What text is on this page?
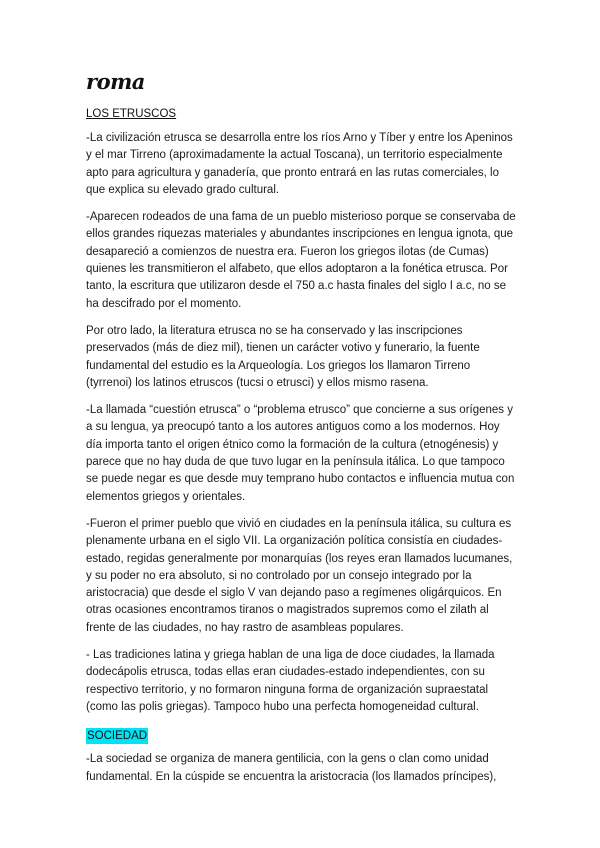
roma
LOS ETRUSCOS

-La civilización etrusca se desarrolla entre los ríos Arno y Tíber y entre los Apeninos y el mar Tirreno (aproximadamente la actual Toscana), un territorio especialmente apto para agricultura y ganadería, que pronto entrará en las rutas comerciales, lo que explica su elevado grado cultural.

-Aparecen rodeados de una fama de un pueblo misterioso porque se conservaba de ellos grandes riquezas materiales y abundantes inscripciones en lengua ignota, que desapareció a comienzos de nuestra era. Fueron los griegos ilotas (de Cumas) quienes les transmitieron el alfabeto, que ellos adoptaron a la fonética etrusca. Por tanto, la escritura que utilizaron desde el 750 a.c hasta finales del siglo I a.c, no se ha descifrado por el momento.

Por otro lado, la literatura etrusca no se ha conservado y las inscripciones preservados (más de diez mil), tienen un carácter votivo y funerario, la fuente fundamental del estudio es la Arqueología. Los griegos los llamaron Tirreno (tyrrenoi) los latinos etruscos (tucsi o etrusci) y ellos mismo rasena.

-La llamada “cuestión etrusca” o “problema etrusco” que concierne a sus orígenes y a su lengua, ya preocupó tanto a los autores antiguos como a los modernos. Hoy día importa tanto el origen étnico como la formación de la cultura (etnogénesis) y parece que no hay duda de que tuvo lugar en la península itálica. Lo que tampoco se puede negar es que desde muy temprano hubo contactos e influencia mutua con elementos griegos y orientales.

-Fueron el primer pueblo que vivió en ciudades en la península itálica, su cultura es plenamente urbana en el siglo VII. La organización política consistía en ciudades-estado, regidas generalmente por monarquías (los reyes eran llamados lucumanes, y su poder no era absoluto, si no controlado por un consejo integrado por la aristocracia) que desde el siglo V van dejando paso a regímenes oligárquicos. En otras ocasiones encontramos tiranos o magistrados supremos como el zilath al frente de las ciudades, no hay rastro de asambleas populares.

- Las tradiciones latina y griega hablan de una liga de doce ciudades, la llamada dodecápolis etrusca, todas ellas eran ciudades-estado independientes, con su respectivo territorio, y no formaron ninguna forma de organización supraestatal (como las polis griegas). Tampoco hubo una perfecta homogeneidad cultural.

SOCIEDAD

-La sociedad se organiza de manera gentilicia, con la gens o clan como unidad fundamental. En la cúspide se encuentra la aristocracia (los llamados príncipes),
